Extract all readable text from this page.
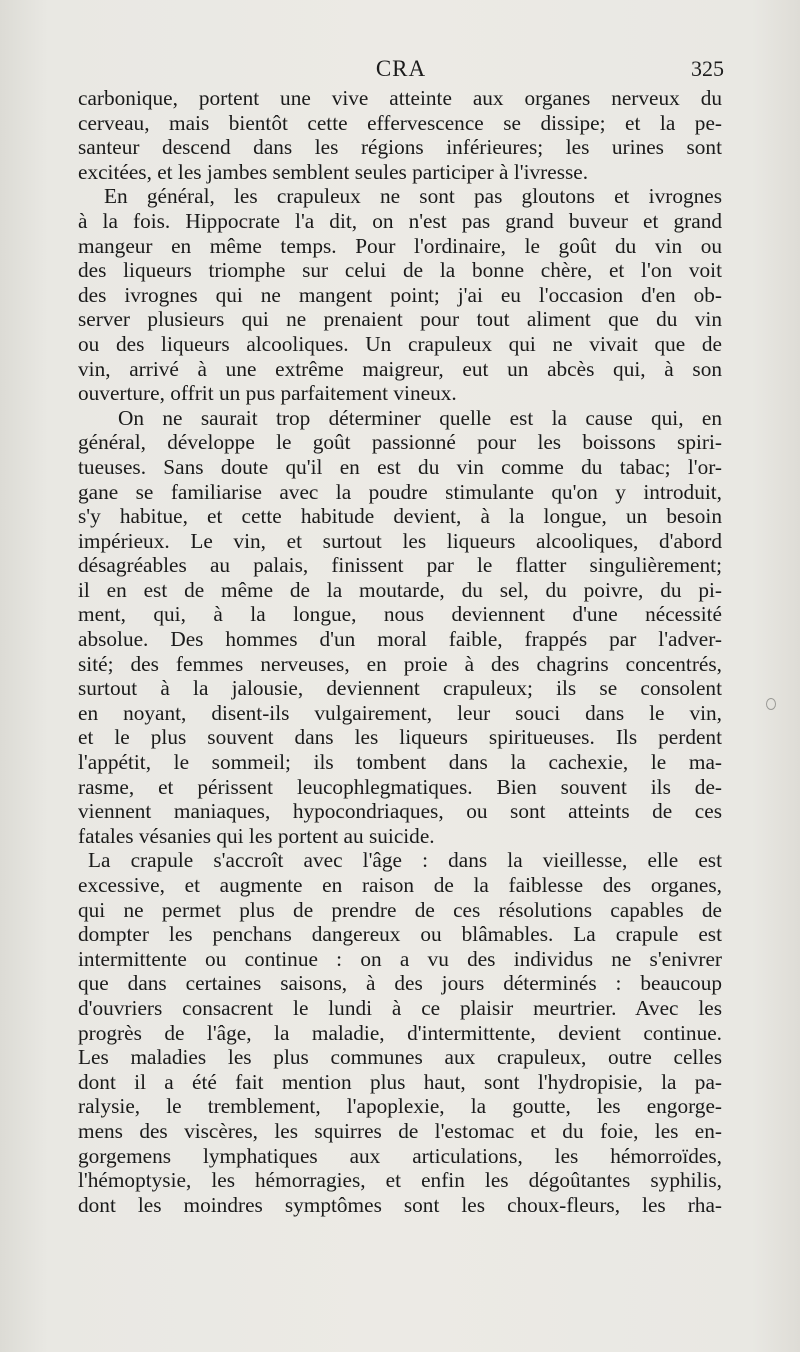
CRA	325
carbonique, portent une vive atteinte aux organes nerveux du
cerveau, mais bientôt cette effervescence se dissipe; et la pe-
santeur descend dans les régions inférieures; les urines sont
excitées, et les jambes semblent seules participer à l'ivresse.
En général, les crapuleux ne sont pas gloutons et ivrognes
à la fois. Hippocrate l'a dit, on n'est pas grand buveur et grand
mangeur en même temps. Pour l'ordinaire, le goût du vin ou
des liqueurs triomphe sur celui de la bonne chère, et l'on voit
des ivrognes qui ne mangent point; j'ai eu l'occasion d'en ob-
server plusieurs qui ne prenaient pour tout aliment que du vin
ou des liqueurs alcooliques. Un crapuleux qui ne vivait que de
vin, arrivé à une extrême maigreur, eut un abcès qui, à son
ouverture, offrit un pus parfaitement vineux.
On ne saurait trop déterminer quelle est la cause qui, en
général, développe le goût passionné pour les boissons spiri-
tueuses. Sans doute qu'il en est du vin comme du tabac; l'or-
gane se familiarise avec la poudre stimulante qu'on y introduit,
s'y habitue, et cette habitude devient, à la longue, un besoin
impérieux. Le vin, et surtout les liqueurs alcooliques, d'abord
désagréables au palais, finissent par le flatter singulièrement;
il en est de même de la moutarde, du sel, du poivre, du pi-
ment, qui, à la longue, nous deviennent d'une nécessité
absolue. Des hommes d'un moral faible, frappés par l'adver-
sité; des femmes nerveuses, en proie à des chagrins concentrés,
surtout à la jalousie, deviennent crapuleux; ils se consolent
en noyant, disent-ils vulgairement, leur souci dans le vin,
et le plus souvent dans les liqueurs spiritueuses. Ils perdent
l'appétit, le sommeil; ils tombent dans la cachexie, le ma-
rasme, et périssent leucophlegmatiques. Bien souvent ils de-
viennent maniaques, hypocondriaques, ou sont atteints de ces
fatales vésanies qui les portent au suicide.
La crapule s'accroît avec l'âge : dans la vieillesse, elle est
excessive, et augmente en raison de la faiblesse des organes,
qui ne permet plus de prendre de ces résolutions capables de
dompter les penchans dangereux ou blâmables. La crapule est
intermittente ou continue : on a vu des individus ne s'enivrer
que dans certaines saisons, à des jours déterminés : beaucoup
d'ouvriers consacrent le lundi à ce plaisir meurtrier. Avec les
progrès de l'âge, la maladie, d'intermittente, devient continue.
Les maladies les plus communes aux crapuleux, outre celles
dont il a été fait mention plus haut, sont l'hydropisie, la pa-
ralysie, le tremblement, l'apoplexie, la goutte, les engorge-
mens des viscères, les squirres de l'estomac et du foie, les en-
gorgemens lymphatiques aux articulations, les hémorroïdes,
l'hémoptysie, les hémorragies, et enfin les dégoûtantes syphilis,
dont les moindres symptômes sont les choux-fleurs, les rha-
